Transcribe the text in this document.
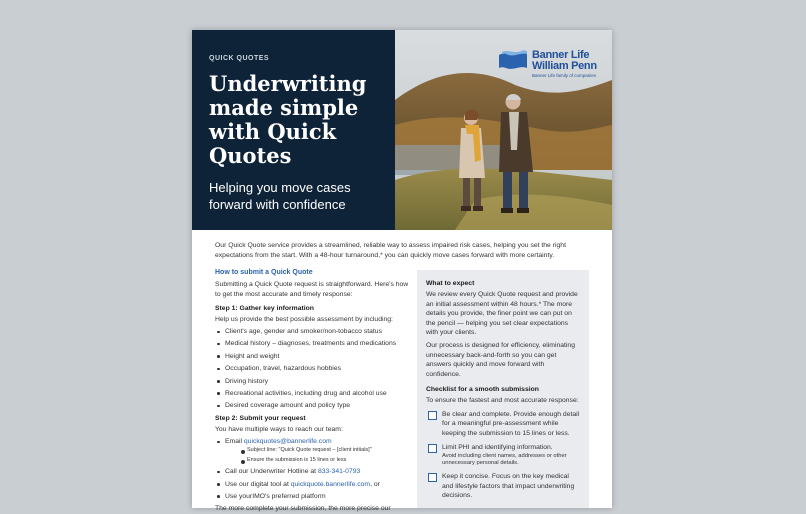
QUICK QUOTES
Underwriting made simple with Quick Quotes
Helping you move cases forward with confidence
Banner Life
William Penn
Banner Life family of companies
Our Quick Quote service provides a streamlined, reliable way to assess impaired risk cases, helping you set the right expectations from the start. With a 48-hour turnaround,* you can quickly move cases forward with more certainty.
How to submit a Quick Quote
Submitting a Quick Quote request is straightforward. Here's how to get the most accurate and timely response:
Step 1: Gather key information
Help us provide the best possible assessment by including:
Client's age, gender and smoker/non-tobacco status
Medical history – diagnoses, treatments and medications
Height and weight
Occupation, travel, hazardous hobbies
Driving history
Recreational activities, including drug and alcohol use
Desired coverage amount and policy type
Step 2: Submit your request
You have multiple ways to reach our team:
Email quickquotes@bannerlife.com
Subject line: "Quick Quote request – [client initials]"
Ensure the submission is 15 lines or less
Call our Underwriter Hotline at 833-341-0793
Use our digital tool at quickquote.bannerlife.com, or
Use yourIMO's preferred platform
The more complete your submission, the more precise our
What to expect
We review every Quick Quote request and provide an initial assessment within 48 hours.* The more details you provide, the finer point we can put on the pencil — helping you set clear expectations with your clients.
Our process is designed for efficiency, eliminating unnecessary back-and-forth so you can get answers quickly and move forward with confidence.
Checklist for a smooth submission
To ensure the fastest and most accurate response:
Be clear and complete. Provide enough detail for a meaningful pre-assessment while keeping the submission to 15 lines or less.
Limit PHI and identifying information.
Avoid including client names, addresses or other unnecessary personal details.
Keep it concise. Focus on the key medical and lifestyle factors that impact underwriting decisions.
